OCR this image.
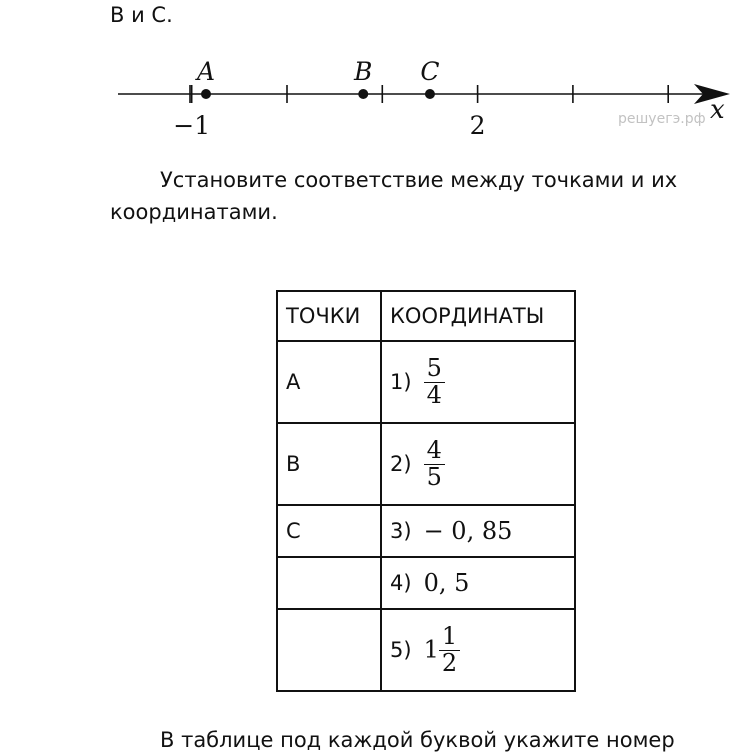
В и С.
x
−1	2
A	B C
решуегэ.рф
Установите соответствие между точками и их координатами.
ТОЧКИ	КООРДИНАТЫ
A	$1) \frac{5}{4}$

B	$2) \frac{4}{5}$

C	3) − 0, 85
	4) 0, 5
	5) $1 \frac{1}{2}$
В таблице под каждой буквой укажите номер
